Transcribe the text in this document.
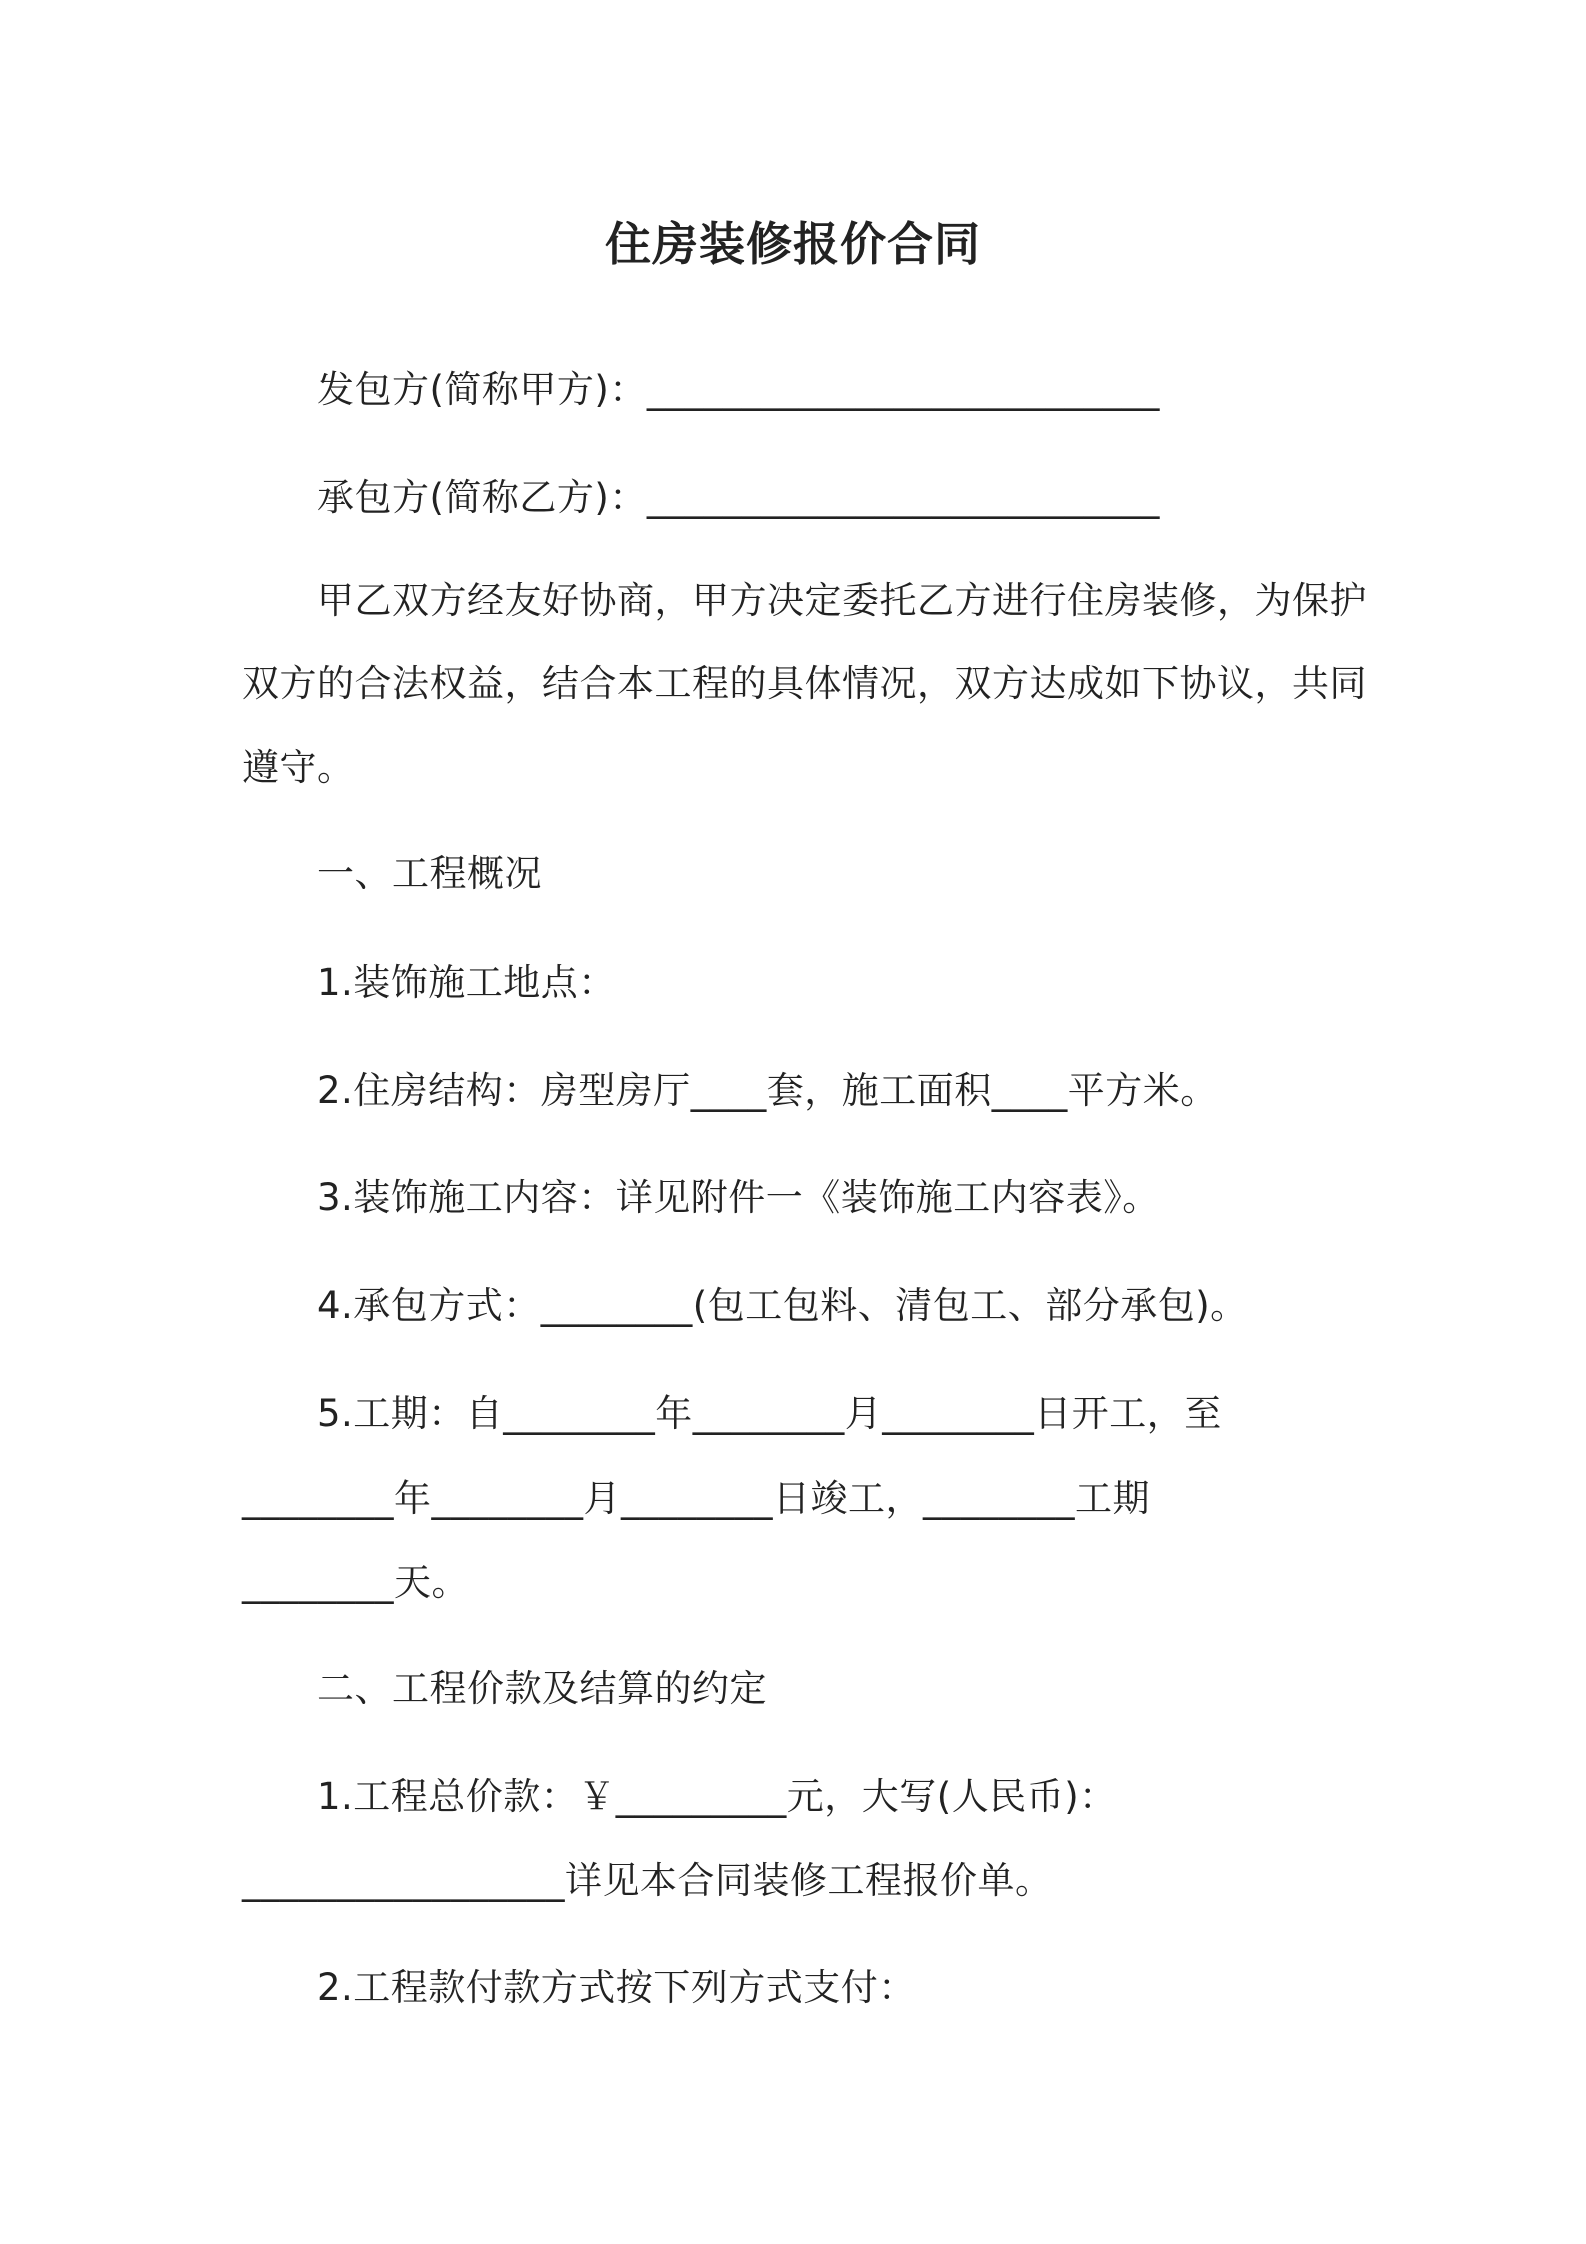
住房装修报价合同
发包方(简称甲方)：___________________________
承包方(简称乙方)：___________________________
甲乙双方经友好协商，甲方决定委托乙方进行住房装修，为保护
双方的合法权益，结合本工程的具体情况，双方达成如下协议，共同
遵守。
一、工程概况
1.装饰施工地点：
2.住房结构：房型房厅____套，施工面积____平方米。
3.装饰施工内容：详见附件一《装饰施工内容表》。
4.承包方式：________(包工包料、清包工、部分承包)。
5.工期：自________年________月________日开工，至
________年________月________日竣工，________工期
________天。
二、工程价款及结算的约定
1.工程总价款：￥_________元，大写(人民币)：
_________________详见本合同装修工程报价单。
2.工程款付款方式按下列方式支付：
